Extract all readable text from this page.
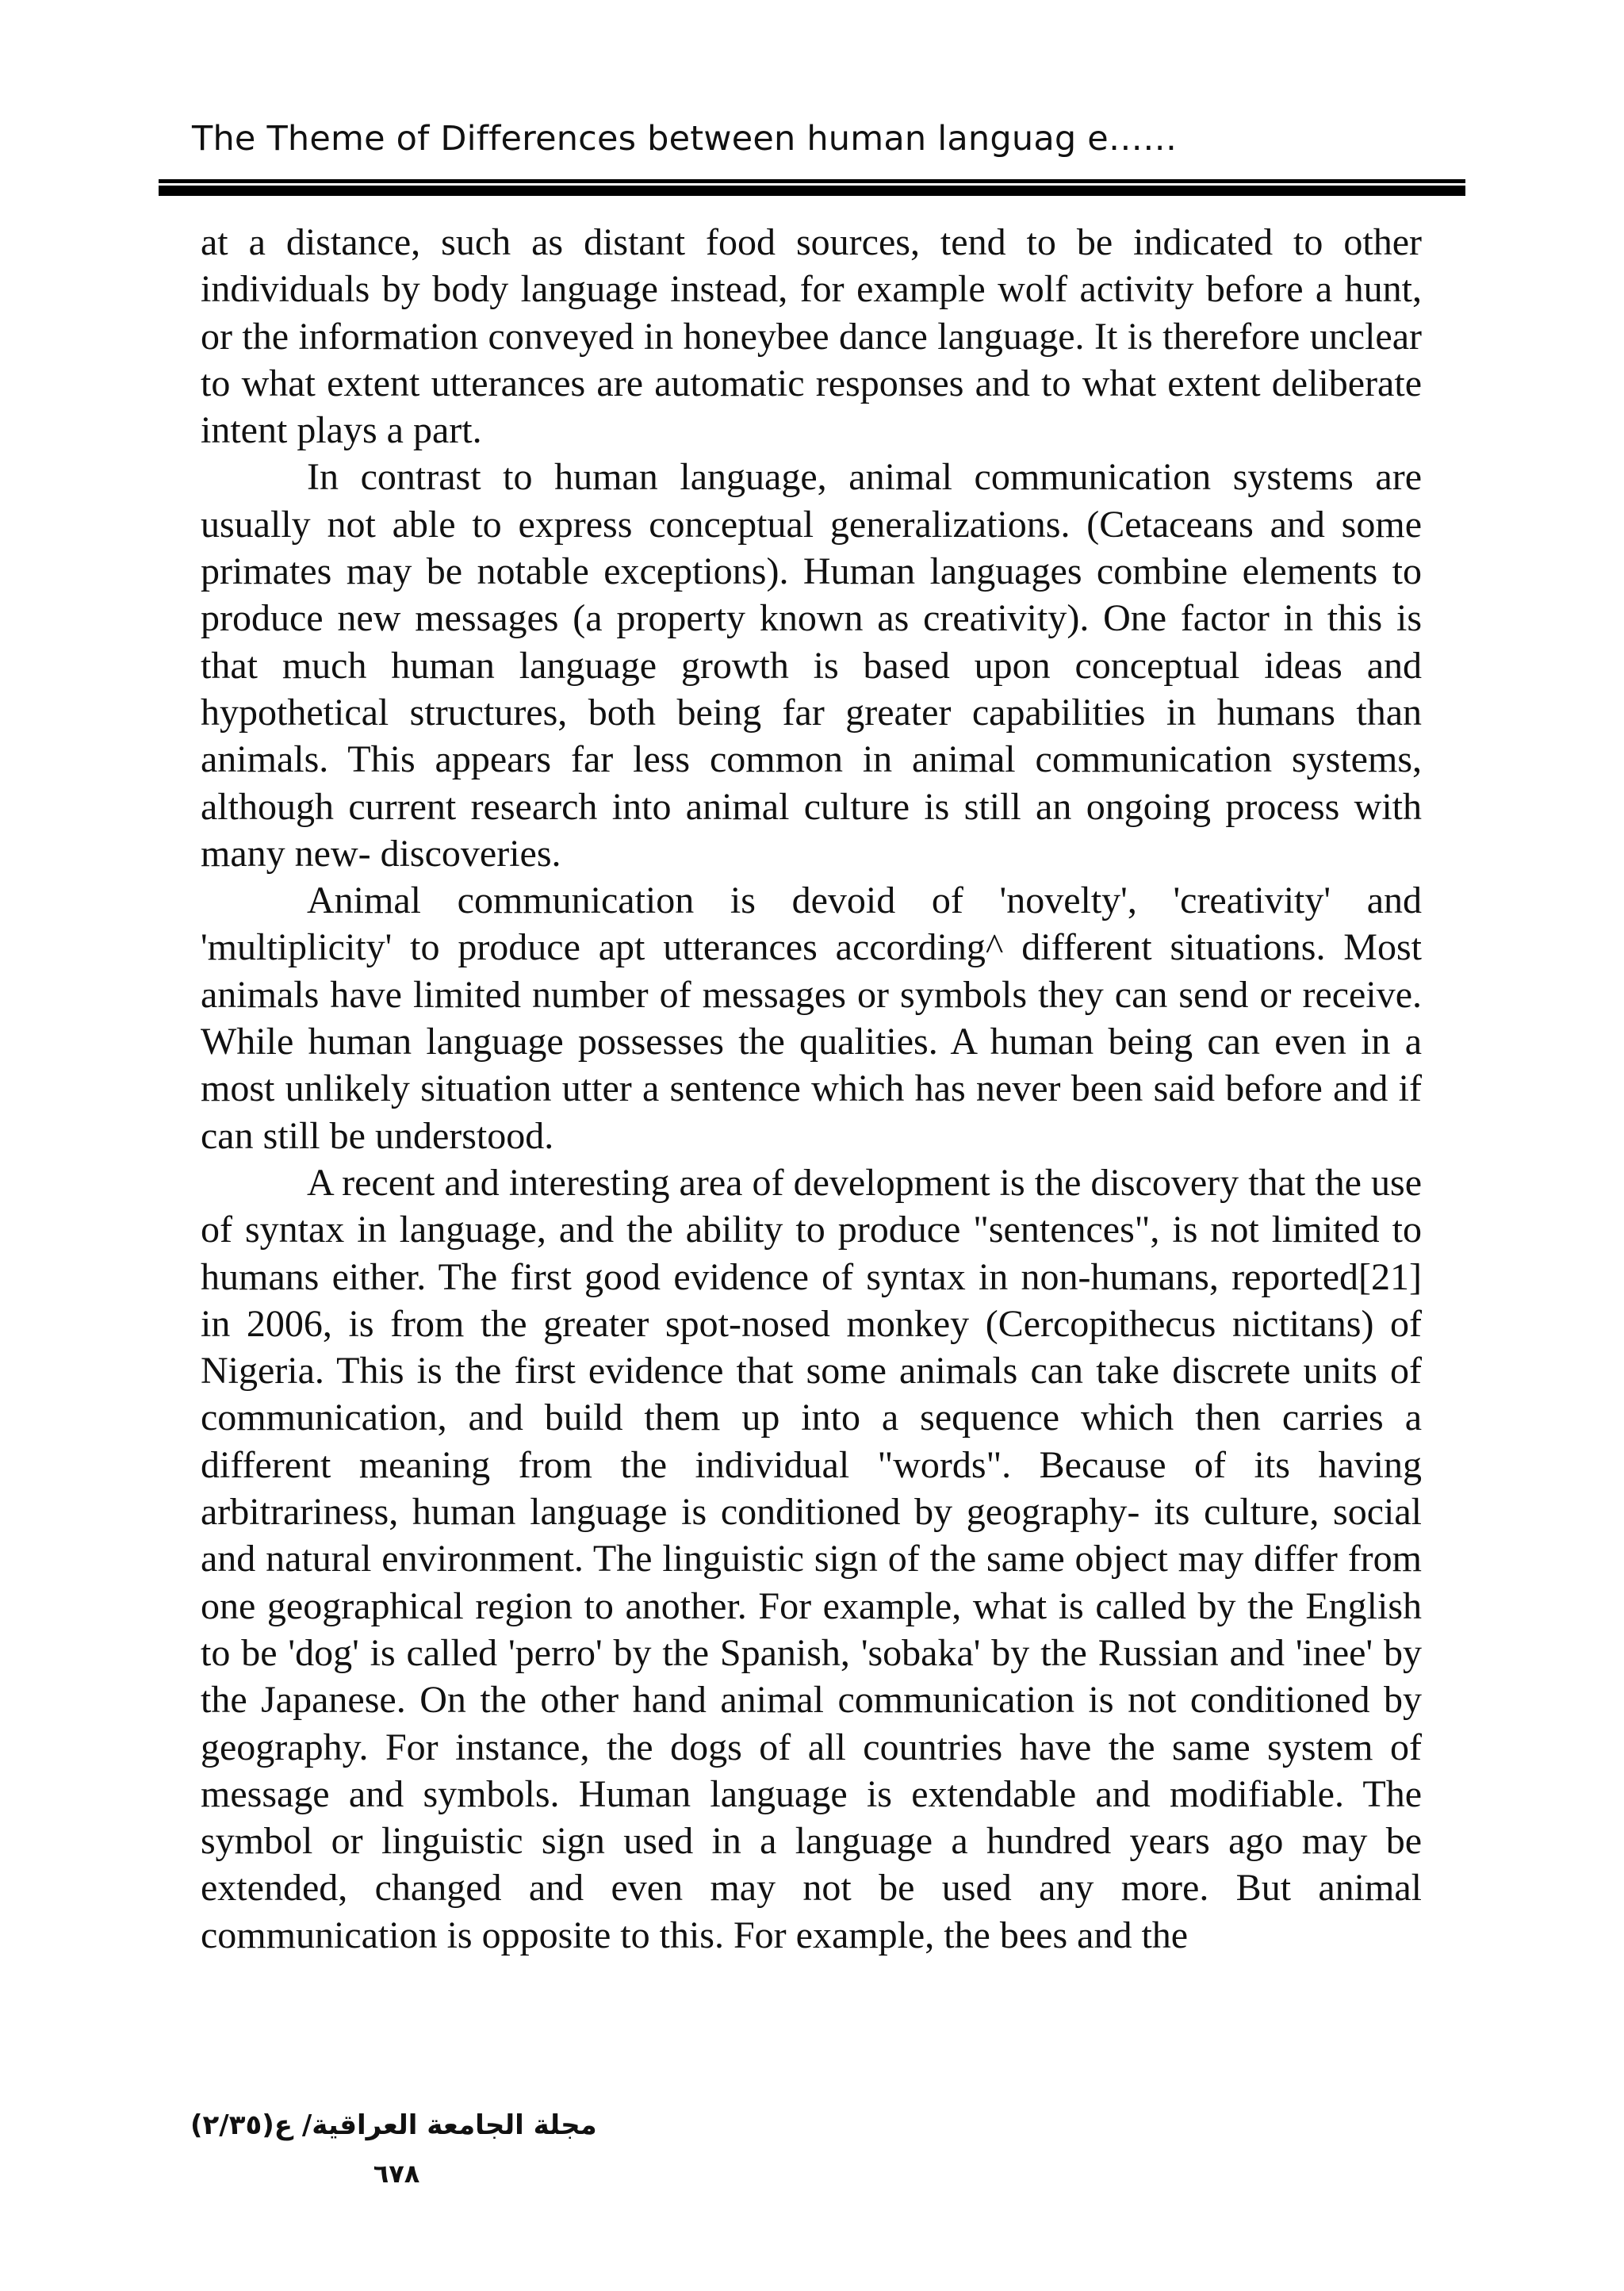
The Theme of Differences between human languag e……

at a distance, such as distant food sources, tend to be indicated to other individuals by body language instead, for example wolf activity before a hunt, or the information conveyed in honeybee dance language. It is therefore unclear to what extent utterances are automatic responses and to what extent deliberate intent plays a part.

In contrast to human language, animal communication systems are usually not able to express conceptual generalizations. (Cetaceans and some primates may be notable exceptions). Human languages combine elements to produce new messages (a property known as creativity). One factor in this is that much human language growth is based upon conceptual ideas and hypothetical structures, both being far greater capabilities in humans than animals. This appears far less common in animal communication systems, although current research into animal culture is still an ongoing process with many new- discoveries.

Animal communication is devoid of 'novelty', 'creativity' and 'multiplicity' to produce apt utterances according^ different situations. Most animals have limited number of messages or symbols they can send or receive. While human language possesses the qualities. A human being can even in a most unlikely situation utter a sentence which has never been said before and if can still be understood.

A recent and interesting area of development is the discovery that the use of syntax in language, and the ability to produce "sentences", is not limited to humans either. The first good evidence of syntax in non-humans, reported[21] in 2006, is from the greater spot-nosed monkey (Cercopithecus nictitans) of Nigeria. This is the first evidence that some animals can take discrete units of communication, and build them up into a sequence which then carries a different meaning from the individual "words". Because of its having arbitrariness, human language is conditioned by geography- its culture, social and natural environment. The linguistic sign of the same object may differ from one geographical region to another. For example, what is called by the English to be 'dog' is called 'perro' by the Spanish, 'sobaka' by the Russian and 'inee' by the Japanese. On the other hand animal communication is not conditioned by geography. For instance, the dogs of all countries have the same system of message and symbols. Human language is extendable and modifiable. The symbol or linguistic sign used in a language a hundred years ago may be extended, changed and even may not be used any more. But animal communication is opposite to this. For example, the bees and the

مجلة الجامعة العراقية/ ع(٢/٣٥)
٦٧٨
